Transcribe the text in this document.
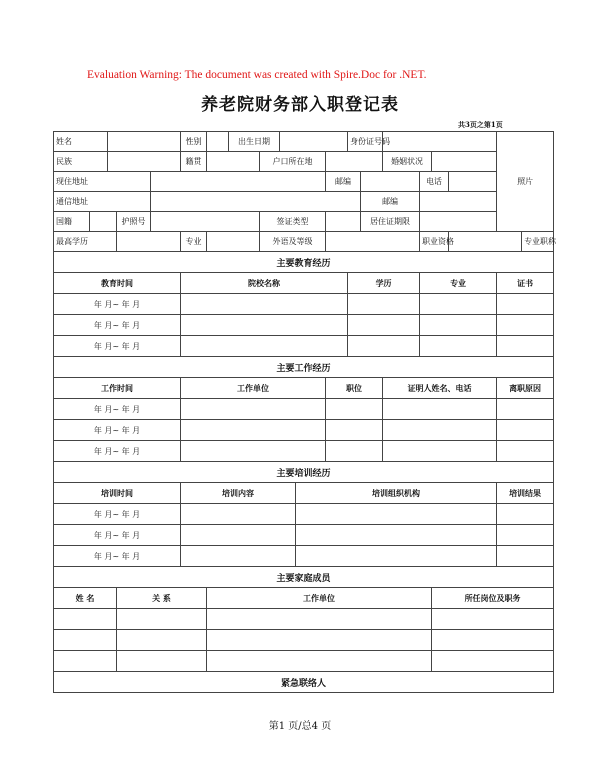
Evaluation Warning: The document was created with Spire.Doc for .NET.
养老院财务部入职登记表
共3页之第1页
姓名					性别		出生日期					身份证号码						照片		
民族					籍贯			户口所在地						婚姻状况						
现住地址											邮编				电话					
通信地址													邮编							
国籍			护照号					签证类型					居住证期限							
最高学历					专业			外语及等级							职业资格				专业职称	
主要教育经历																				
教育时间					院校名称							学历			专业			证书		
年 月~ 年 月																				
年 月~ 年 月																				
年 月~ 年 月																				
主要工作经历																				
工作时间					工作单位						职位			证明人姓名、电话				离职原因		
年 月~ 年 月																				
年 月~ 年 月																				
年 月~ 年 月																				
主要培训经历																				
培训时间					培训内容					培训组织机构								培训结果		
年 月~ 年 月																				
年 月~ 年 月																				
年 月~ 年 月																				
主要家庭成员																				
姓 名			关 系			工作单位										所任岗位及职务				

紧急联络人																				
第1 页/总4 页
